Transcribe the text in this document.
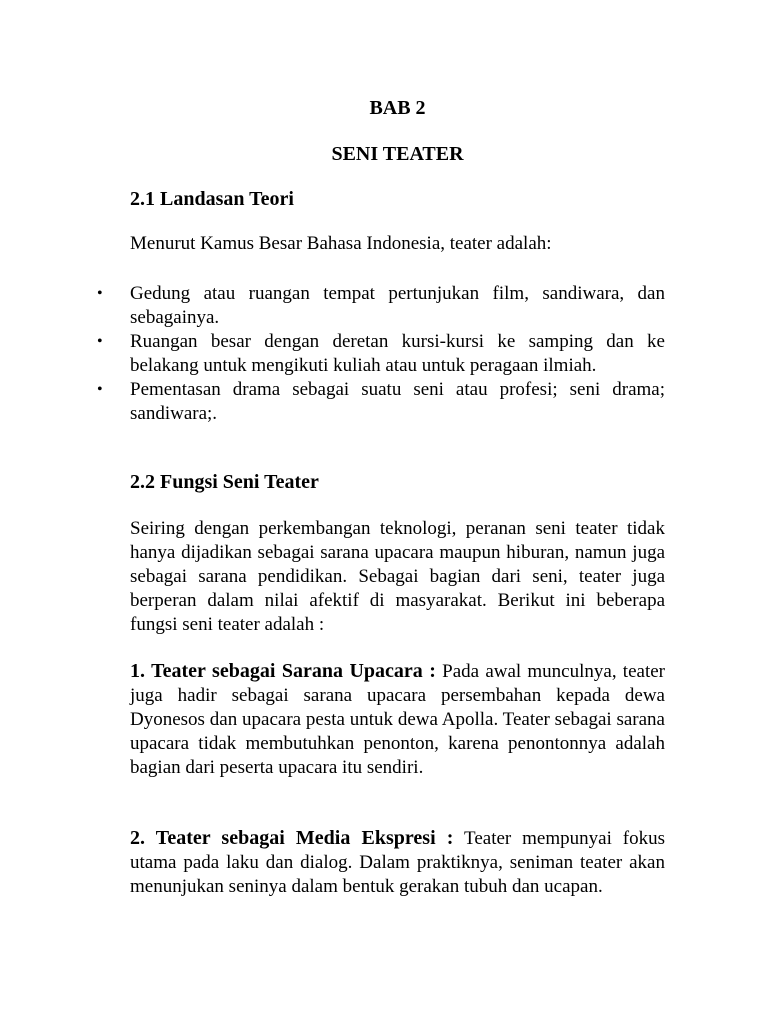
BAB 2
SENI TEATER
2.1 Landasan Teori
Menurut Kamus Besar Bahasa Indonesia, teater adalah:
• Gedung atau ruangan tempat pertunjukan film, sandiwara, dan sebagainya.
• Ruangan besar dengan deretan kursi-kursi ke samping dan ke belakang untuk mengikuti kuliah atau untuk peragaan ilmiah.
• Pementasan drama sebagai suatu seni atau profesi; seni drama; sandiwara;.
2.2 Fungsi Seni Teater
Seiring dengan perkembangan teknologi, peranan seni teater tidak hanya dijadikan sebagai sarana upacara maupun hiburan, namun juga sebagai sarana pendidikan. Sebagai bagian dari seni, teater juga berperan dalam nilai afektif di masyarakat. Berikut ini beberapa fungsi seni teater adalah :
1. Teater sebagai Sarana Upacara : Pada awal munculnya, teater juga hadir sebagai sarana upacara persembahan kepada dewa Dyonesos dan upacara pesta untuk dewa Apolla. Teater sebagai sarana upacara tidak membutuhkan penonton, karena penontonnya adalah bagian dari peserta upacara itu sendiri.
2. Teater sebagai Media Ekspresi : Teater mempunyai fokus utama pada laku dan dialog. Dalam praktiknya, seniman teater akan menunjukan seninya dalam bentuk gerakan tubuh dan ucapan.
